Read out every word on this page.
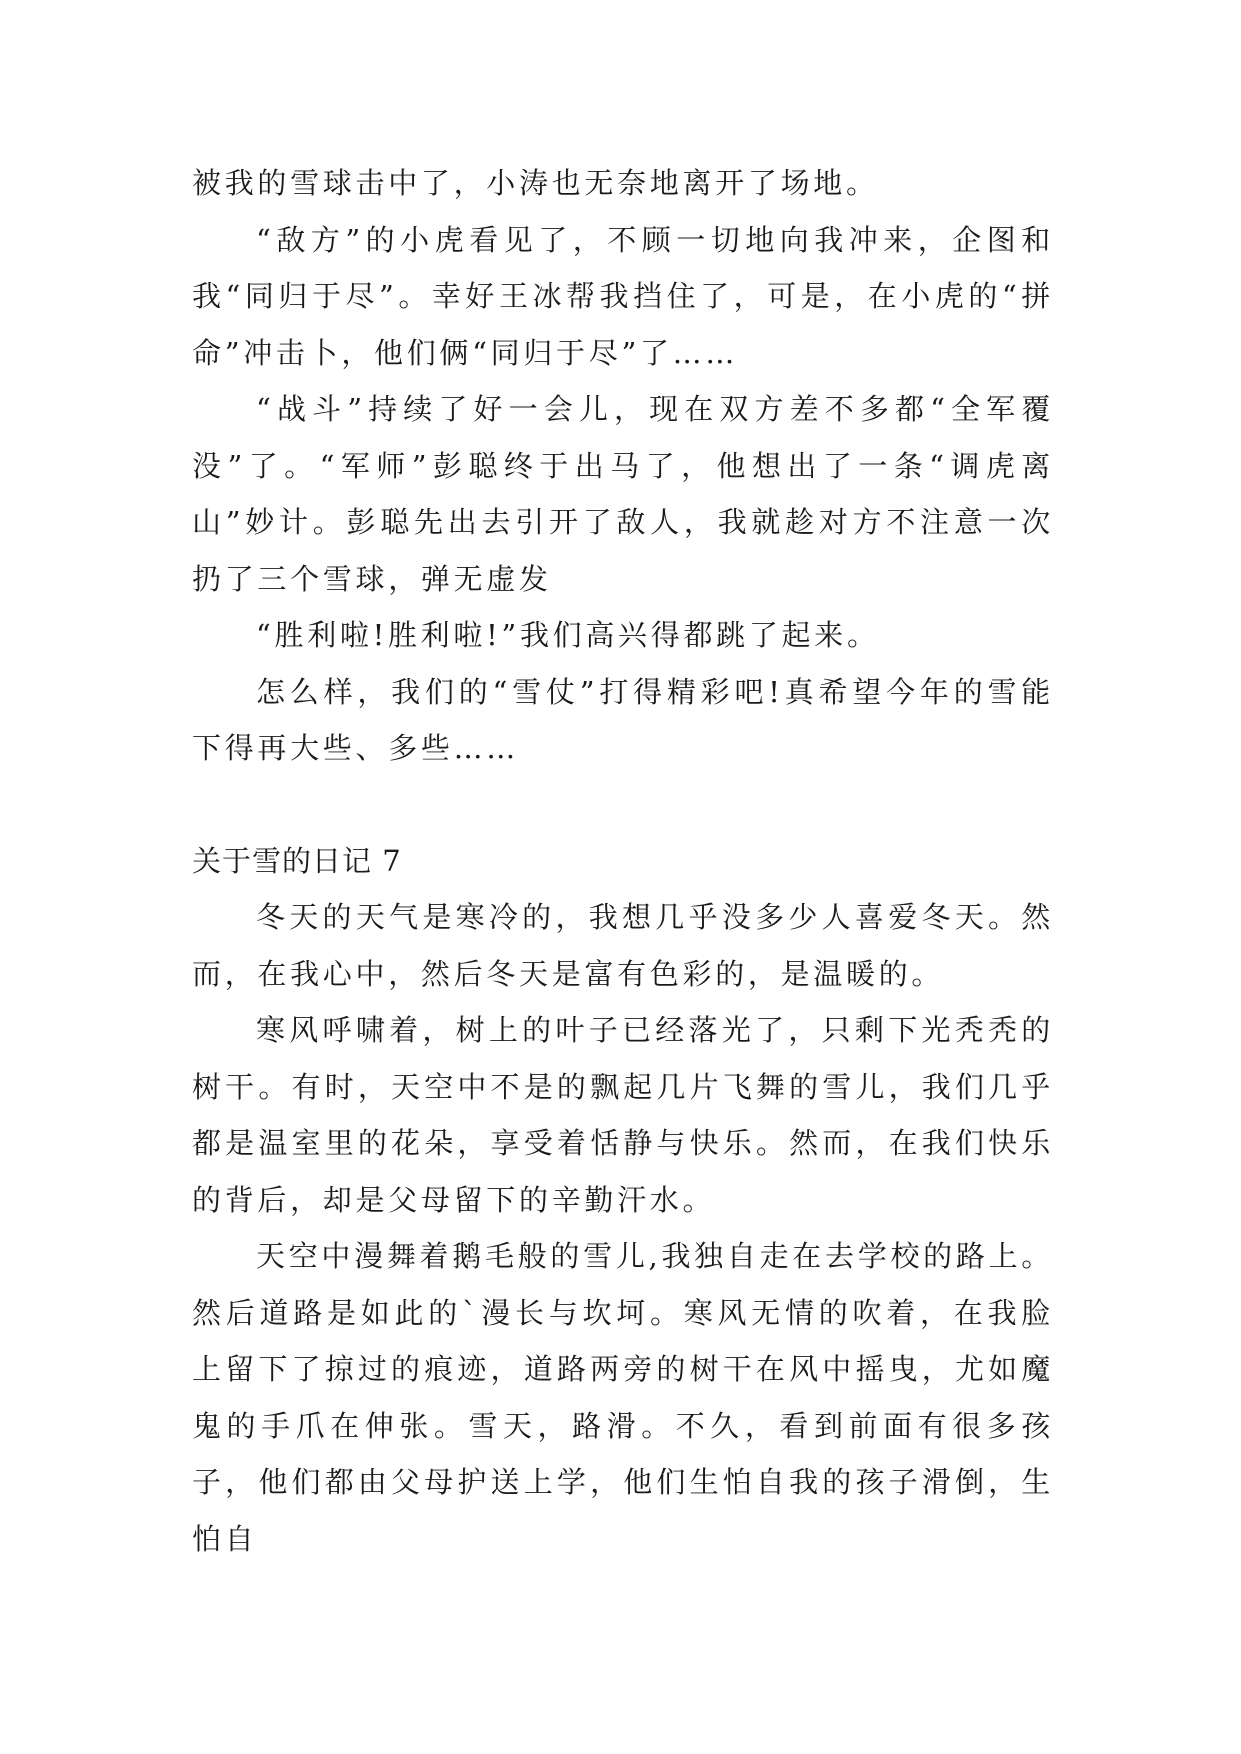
被我的雪球击中了，小涛也无奈地离开了场地。

“敌方”的小虎看见了，不顾一切地向我冲来，企图和我“同归于尽”。幸好王冰帮我挡住了，可是，在小虎的“拼命”冲击卜，他们俩“同归于尽”了……

“战斗”持续了好一会儿，现在双方差不多都“全军覆没”了。“军师”彭聪终于出马了，他想出了一条“调虎离山”妙计。彭聪先出去引开了敌人，我就趁对方不注意一次扔了三个雪球，弹无虚发

“胜利啦!胜利啦!”我们高兴得都跳了起来。

怎么样，我们的“雪仗”打得精彩吧!真希望今年的雪能下得再大些、多些……

关于雪的日记 7

冬天的天气是寒冷的，我想几乎没多少人喜爱冬天。然而，在我心中，然后冬天是富有色彩的，是温暖的。

寒风呼啸着，树上的叶子已经落光了，只剩下光秃秃的树干。有时，天空中不是的飘起几片飞舞的雪儿，我们几乎都是温室里的花朵，享受着恬静与快乐。然而，在我们快乐的背后，却是父母留下的辛勤汗水。

天空中漫舞着鹅毛般的雪儿,我独自走在去学校的路上。然后道路是如此的`漫长与坎坷。寒风无情的吹着，在我脸上留下了掠过的痕迹，道路两旁的树干在风中摇曳，尤如魔鬼的手爪在伸张。雪天，路滑。不久，看到前面有很多孩子，他们都由父母护送上学，他们生怕自我的孩子滑倒，生怕自
